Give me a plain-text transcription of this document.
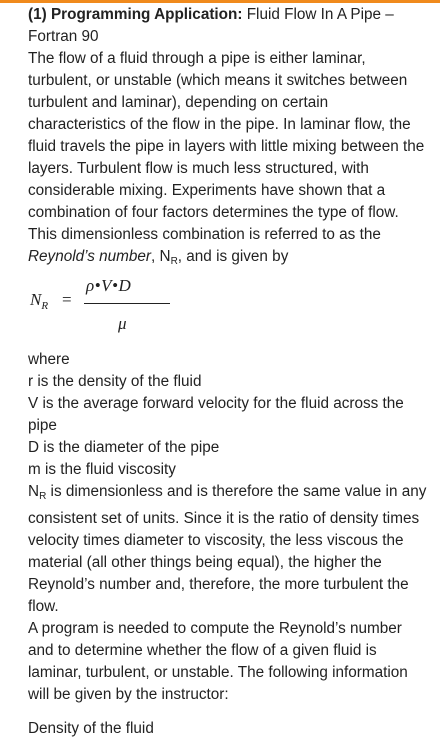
(1) Programming Application: Fluid Flow In A Pipe – Fortran 90

The flow of a fluid through a pipe is either laminar, turbulent, or unstable (which means it switches between turbulent and laminar), depending on certain characteristics of the flow in the pipe. In laminar flow, the fluid travels the pipe in layers with little mixing between the layers. Turbulent flow is much less structured, with considerable mixing. Experiments have shown that a combination of four factors determines the type of flow. This dimensionless combination is referred to as the
Reynold’s number, $N_R$, and is given by

$N_R$ =
ρ•V•D
μ

where

r is the density of the fluid

V is the average forward velocity for the fluid across the pipe

D is the diameter of the pipe

m is the fluid viscosity

$N_R$ is dimensionless and is therefore the same value in any consistent set of units. Since it is the ratio of density times velocity times diameter to viscosity, the less viscous the material (all other things being equal), the higher the Reynold’s number and, therefore, the more turbulent the flow.

A program is needed to compute the Reynold’s number and to determine whether the flow of a given fluid is laminar, turbulent, or unstable. The following information will be given by the instructor:

Density of the fluid
